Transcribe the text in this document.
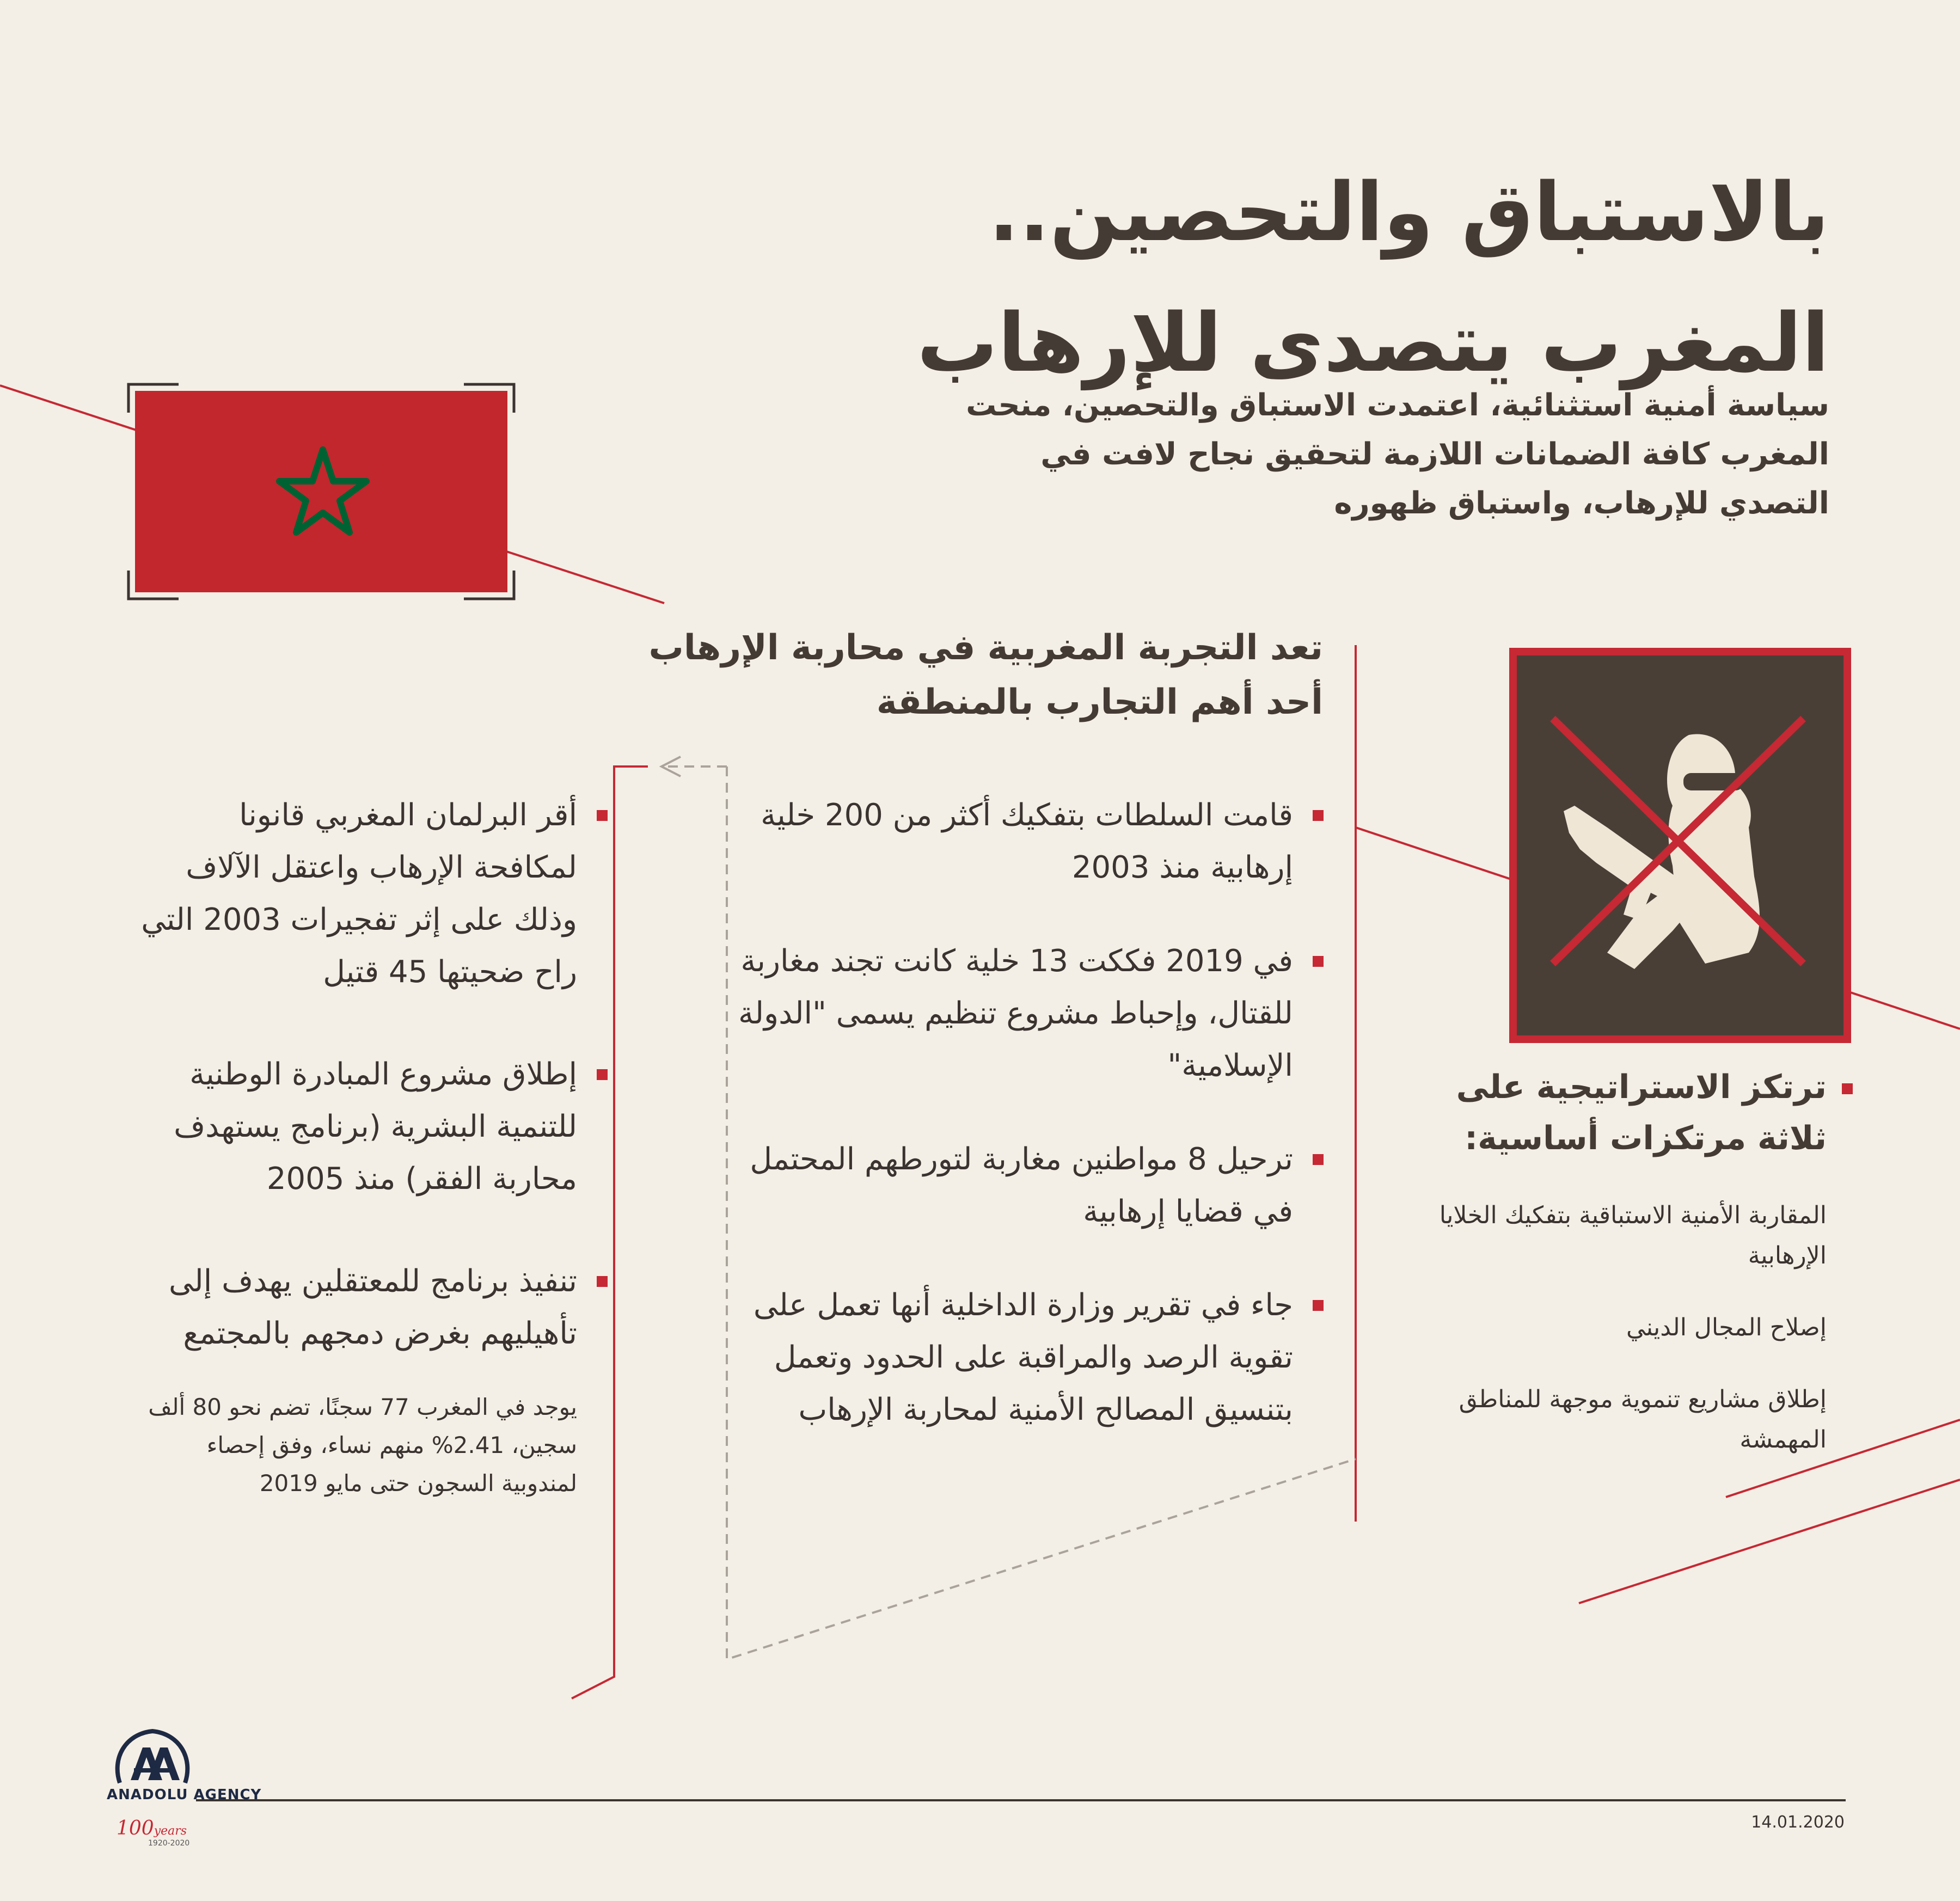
بالاستباق والتحصين..
المغرب يتصدى للإرهاب
سياسة أمنية استثنائية، اعتمدت الاستباق والتحصين، منحت المغرب كافة الضمانات اللازمة لتحقيق نجاح لافت في التصدي للإرهاب، واستباق ظهوره
تعد التجربة المغربية في محاربة الإرهاب أحد أهم التجارب بالمنطقة
قامت السلطات بتفكيك أكثر من 200 خلية إرهابية منذ 2003
في 2019 فككت 13 خلية كانت تجند مغاربة للقتال، وإحباط مشروع تنظيم يسمى "الدولة الإسلامية"
ترحيل 8 مواطنين مغاربة لتورطهم المحتمل في قضايا إرهابية
جاء في تقرير وزارة الداخلية أنها تعمل على تقوية الرصد والمراقبة على الحدود وتعمل بتنسيق المصالح الأمنية لمحاربة الإرهاب
أقر البرلمان المغربي قانونا لمكافحة الإرهاب واعتقل الآلاف وذلك على إثر تفجيرات 2003 التي راح ضحيتها 45 قتيل
إطلاق مشروع المبادرة الوطنية للتنمية البشرية (برنامج يستهدف محاربة الفقر) منذ 2005
تنفيذ برنامج للمعتقلين يهدف إلى تأهيليهم بغرض دمجهم بالمجتمع
يوجد في المغرب 77 سجنًا، تضم نحو 80 ألف سجين، 2.41% منهم نساء، وفق إحصاء لمندوبية السجون حتى مايو 2019
ترتكز الاستراتيجية على ثلاثة مرتكزات أساسية:
المقاربة الأمنية الاستباقية بتفكيك الخلايا الإرهابية
إصلاح المجال الديني
إطلاق مشاريع تنموية موجهة للمناطق المهمشة
ANADOLU AGENCY
100years
1920-2020
14.01.2020
